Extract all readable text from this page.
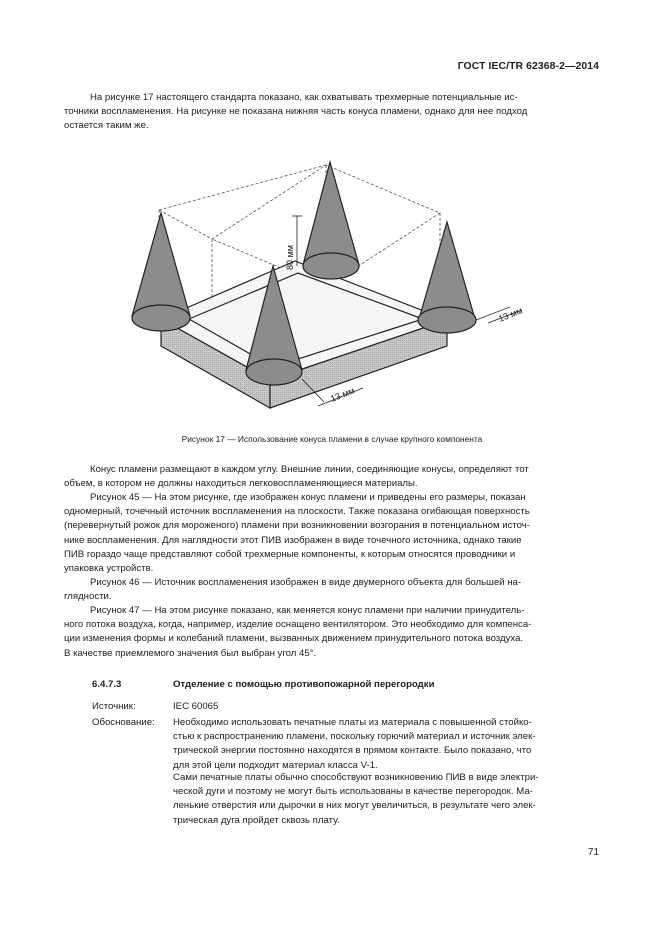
ГОСТ IEC/TR 62368-2—2014
На рисунке 17 настоящего стандарта показано, как охватывать трехмерные потенциальные ис-
точники воспламенения. На рисунке не показана нижняя часть конуса пламени, однако для нее подход
остается таким же.
80 мм
13 мм
13 мм
Рисунок 17 — Использование конуса пламени в случае крупного компонента
Конус пламени размещают в каждом углу. Внешние линии, соединяющие конусы, определяют тот
объем, в котором не должны находиться легковоспламеняющиеся материалы.
Рисунок 45 — На этом рисунке, где изображен конус пламени и приведены его размеры, показан
одномерный, точечный источник воспламенения на плоскости. Также показана огибающая поверхность
(перевернутый рожок для мороженого) пламени при возникновении возгорания в потенциальном источ-
нике воспламенения. Для наглядности этот ПИВ изображен в виде точечного источника, однако такие
ПИВ гораздо чаще представляют собой трехмерные компоненты, к которым относятся проводники и
упаковка устройств.
Рисунок 46 — Источник воспламенения изображен в виде двумерного объекта для большей на-
глядности.
Рисунок 47 — На этом рисунке показано, как меняется конус пламени при наличии принудитель-
ного потока воздуха, когда, например, изделие оснащено вентилятором. Это необходимо для компенса-
ции изменения формы и колебаний пламени, вызванных движением принудительного потока воздуха.
В качестве приемлемого значения был выбран угол 45°.
6.4.7.3	Отделение с помощью противопожарной перегородки
Источник:	IEC 60065
Обоснование: Необходимо использовать печатные платы из материала с повышенной стойко-
стью к распространению пламени, поскольку горючий материал и источник элек-
трической энергии постоянно находятся в прямом контакте. Было показано, что
для этой цели подходит материал класса V-1.
Сами печатные платы обычно способствуют возникновению ПИВ в виде электри-
ческой дуги и поэтому не могут быть использованы в качестве перегородок. Ма-
ленькие отверстия или дырочки в них могут увеличиться, в результате чего элек-
трическая дуга пройдет сквозь плату.
71
